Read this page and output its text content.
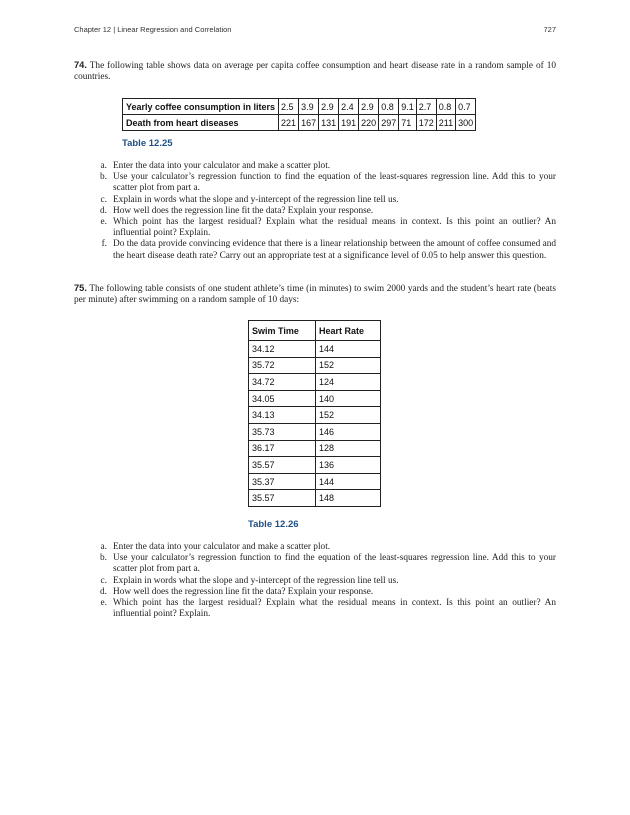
Chapter 12 | Linear Regression and Correlation	727
74. The following table shows data on average per capita coffee consumption and heart disease rate in a random sample of 10 countries.
Yearly coffee consumption in liters	2.5	3.9	2.9	2.4	2.9	0.8	9.1	2.7	0.8	0.7
Death from heart diseases	221	167	131	191	220	297	71	172	211	300
Table 12.25
a. Enter the data into your calculator and make a scatter plot.
b. Use your calculator’s regression function to find the equation of the least-squares regression line. Add this to your scatter plot from part a.
c. Explain in words what the slope and y-intercept of the regression line tell us.
d. How well does the regression line fit the data? Explain your response.
e. Which point has the largest residual? Explain what the residual means in context. Is this point an outlier? An influential point? Explain.
f. Do the data provide convincing evidence that there is a linear relationship between the amount of coffee consumed and the heart disease death rate? Carry out an appropriate test at a significance level of 0.05 to help answer this question.
75. The following table consists of one student athlete’s time (in minutes) to swim 2000 yards and the student’s heart rate (beats per minute) after swimming on a random sample of 10 days:
Swim Time	Heart Rate
34.12	144
35.72	152
34.72	124
34.05	140
34.13	152
35.73	146
36.17	128
35.57	136
35.37	144
35.57	148
Table 12.26
a. Enter the data into your calculator and make a scatter plot.
b. Use your calculator’s regression function to find the equation of the least-squares regression line. Add this to your scatter plot from part a.
c. Explain in words what the slope and y-intercept of the regression line tell us.
d. How well does the regression line fit the data? Explain your response.
e. Which point has the largest residual? Explain what the residual means in context. Is this point an outlier? An influential point? Explain.
